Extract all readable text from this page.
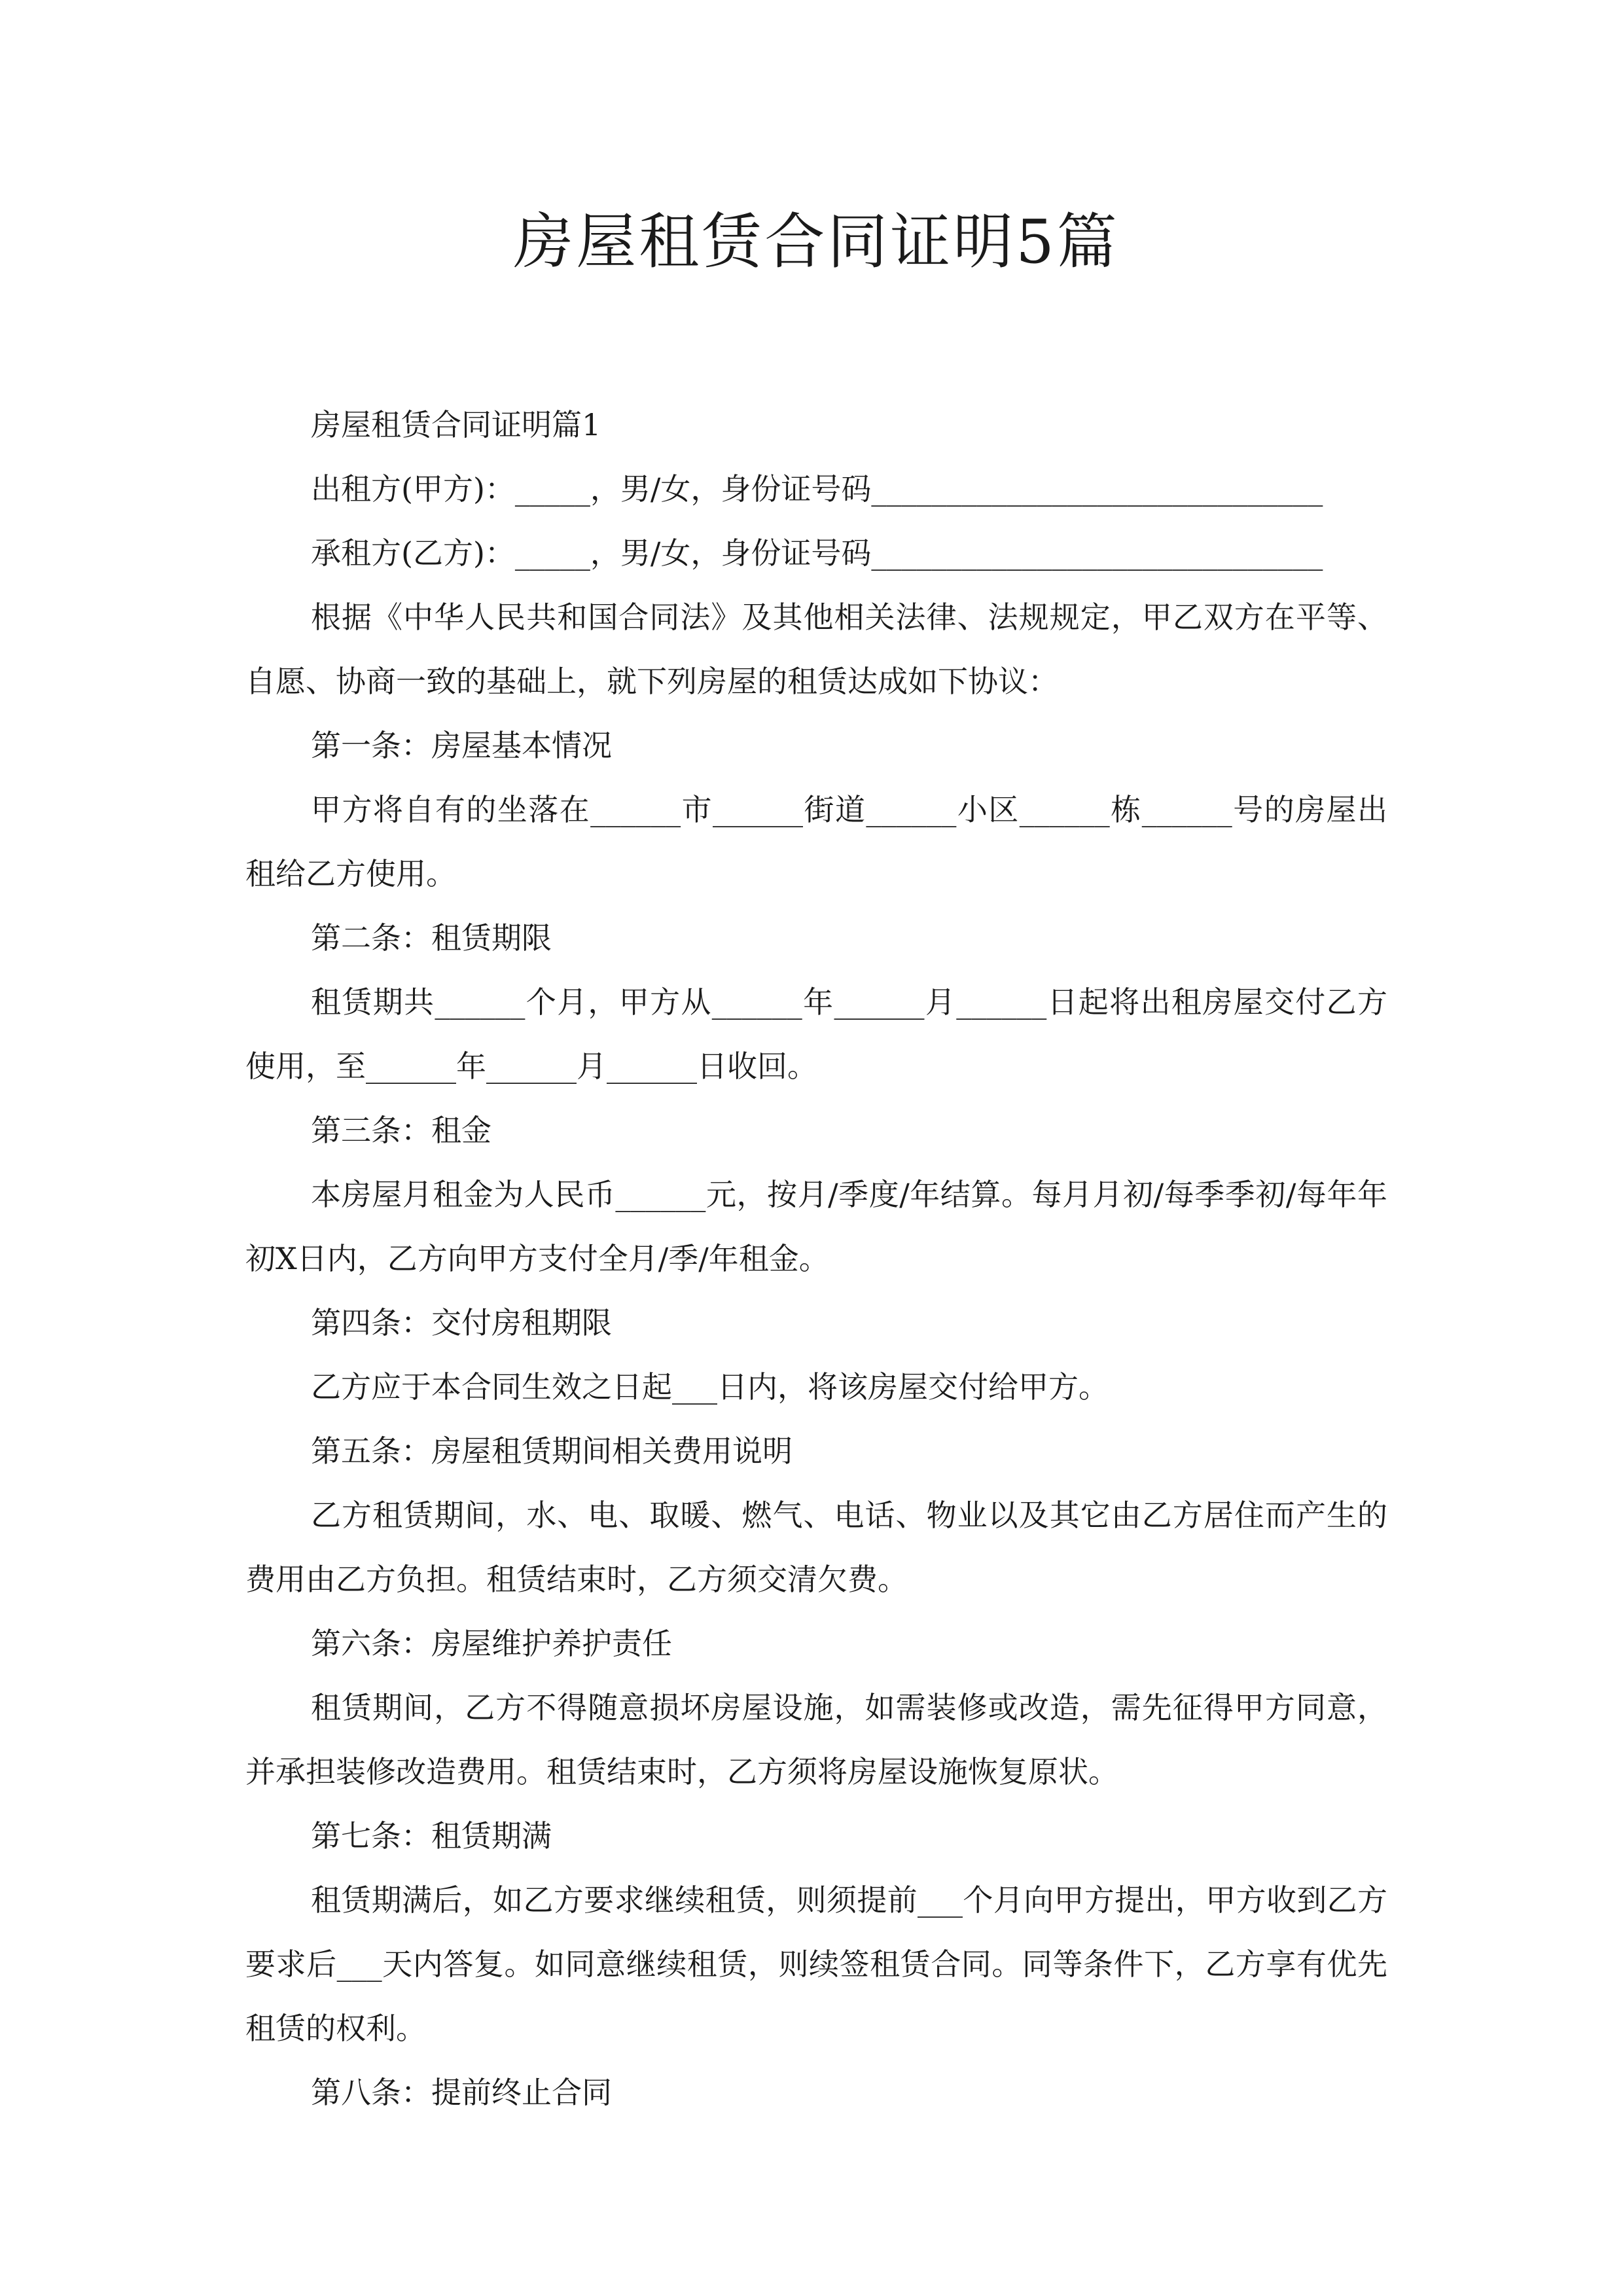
房屋租赁合同证明5篇

房屋租赁合同证明篇1

出租方(甲方)：_____，男/女，身份证号码______________________________

承租方(乙方)：_____，男/女，身份证号码______________________________

根据《中华人民共和国合同法》及其他相关法律、法规规定，甲乙双方在平等、自愿、协商一致的基础上，就下列房屋的租赁达成如下协议：

第一条：房屋基本情况

甲方将自有的坐落在______市______街道______小区______栋______号的房屋出租给乙方使用。

第二条：租赁期限

租赁期共______个月，甲方从______年______月______日起将出租房屋交付乙方使用，至______年______月______日收回。

第三条：租金

本房屋月租金为人民币______元，按月/季度/年结算。每月月初/每季季初/每年年初X日内，乙方向甲方支付全月/季/年租金。

第四条：交付房租期限

乙方应于本合同生效之日起___日内，将该房屋交付给甲方。

第五条：房屋租赁期间相关费用说明

乙方租赁期间，水、电、取暖、燃气、电话、物业以及其它由乙方居住而产生的费用由乙方负担。租赁结束时，乙方须交清欠费。

第六条：房屋维护养护责任

租赁期间，乙方不得随意损坏房屋设施，如需装修或改造，需先征得甲方同意，并承担装修改造费用。租赁结束时，乙方须将房屋设施恢复原状。

第七条：租赁期满

租赁期满后，如乙方要求继续租赁，则须提前___个月向甲方提出，甲方收到乙方要求后___天内答复。如同意继续租赁，则续签租赁合同。同等条件下，乙方享有优先租赁的权利。

第八条：提前终止合同
